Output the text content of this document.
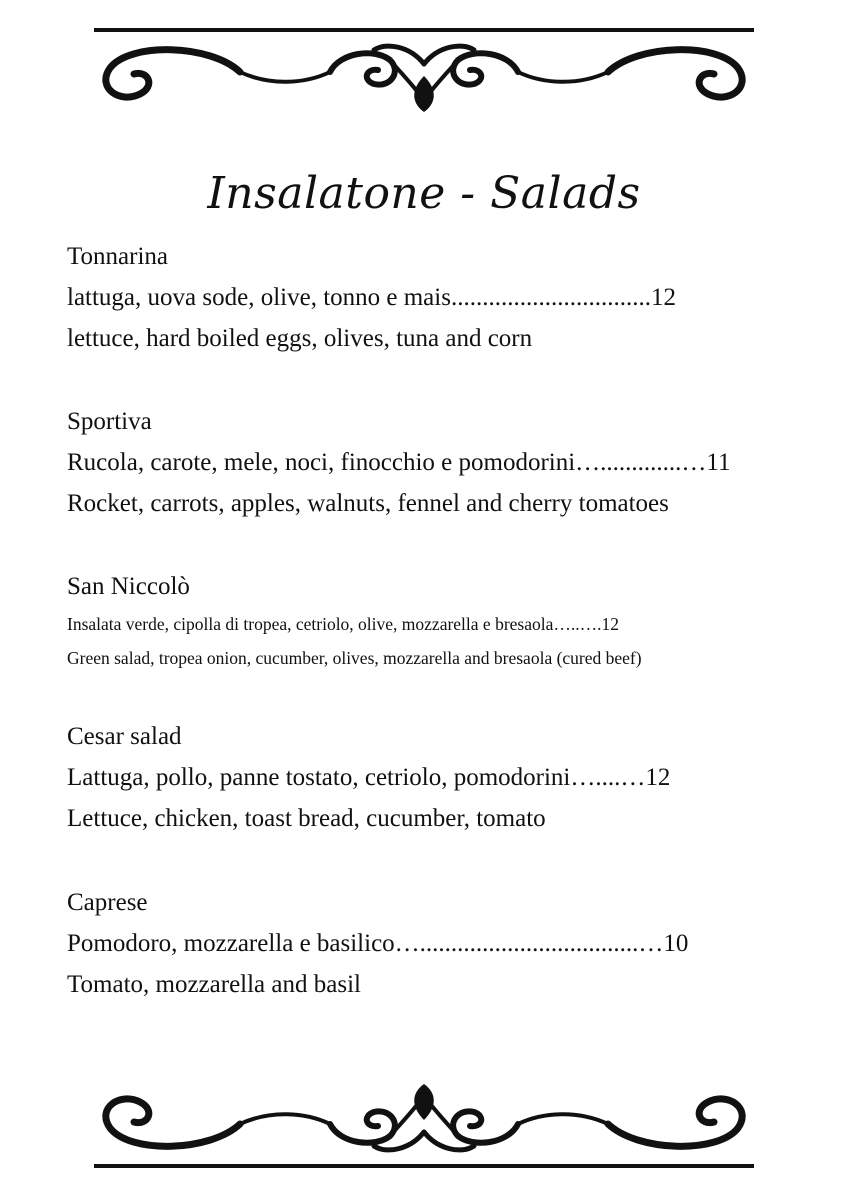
Insalatone - Salads
Tonnarina
lattuga, uova sode, olive, tonno e mais................................12
lettuce, hard boiled eggs, olives, tuna and corn
Sportiva
Rucola, carote, mele, noci, finocchio e pomodorini….............…11
Rocket, carrots, apples, walnuts, fennel and cherry tomatoes
San Niccolò
Insalata verde, cipolla di tropea, cetriolo, olive, mozzarella e bresaola…..….12
Green salad, tropea onion, cucumber, olives, mozzarella and bresaola (cured beef)
Cesar salad
Lattuga, pollo, panne tostato, cetriolo, pomodorini…....…12
Lettuce, chicken, toast bread, cucumber, tomato
Caprese
Pomodoro, mozzarella e basilico…...................................…10
Tomato, mozzarella and basil
